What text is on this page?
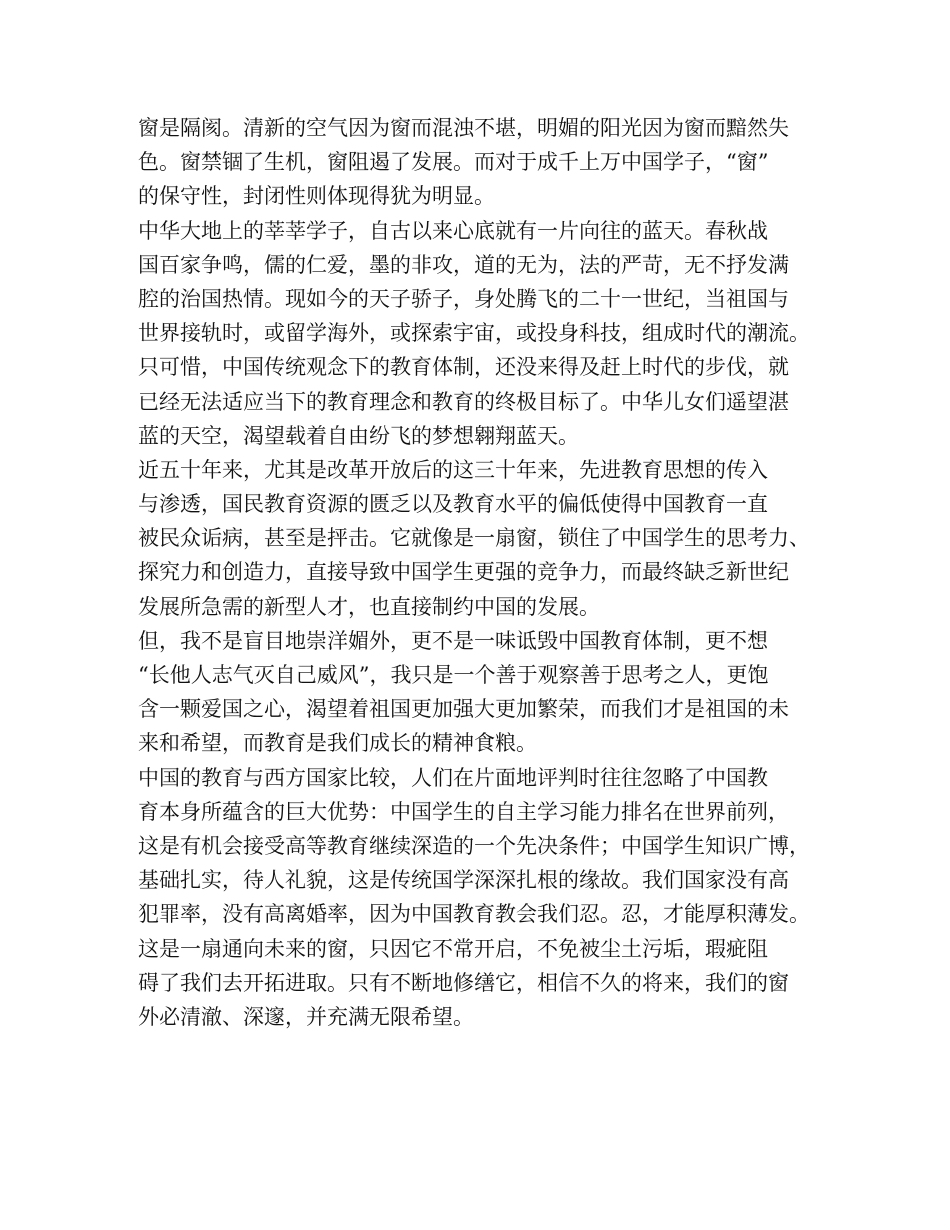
窗是隔阂。清新的空气因为窗而混浊不堪，明媚的阳光因为窗而黯然失
色。窗禁锢了生机，窗阻遏了发展。而对于成千上万中国学子，“窗”
的保守性，封闭性则体现得犹为明显。
中华大地上的莘莘学子，自古以来心底就有一片向往的蓝天。春秋战
国百家争鸣，儒的仁爱，墨的非攻，道的无为，法的严苛，无不抒发满
腔的治国热情。现如今的天子骄子，身处腾飞的二十一世纪，当祖国与
世界接轨时，或留学海外，或探索宇宙，或投身科技，组成时代的潮流。
只可惜，中国传统观念下的教育体制，还没来得及赶上时代的步伐，就
已经无法适应当下的教育理念和教育的终极目标了。中华儿女们遥望湛
蓝的天空，渴望载着自由纷飞的梦想翱翔蓝天。
近五十年来，尤其是改革开放后的这三十年来，先进教育思想的传入
与渗透，国民教育资源的匮乏以及教育水平的偏低使得中国教育一直
被民众诟病，甚至是抨击。它就像是一扇窗，锁住了中国学生的思考力、
探究力和创造力，直接导致中国学生更强的竞争力，而最终缺乏新世纪
发展所急需的新型人才，也直接制约中国的发展。
但，我不是盲目地崇洋媚外，更不是一味诋毁中国教育体制，更不想
“长他人志气灭自己威风”，我只是一个善于观察善于思考之人，更饱
含一颗爱国之心，渴望着祖国更加强大更加繁荣，而我们才是祖国的未
来和希望，而教育是我们成长的精神食粮。
中国的教育与西方国家比较，人们在片面地评判时往往忽略了中国教
育本身所蕴含的巨大优势：中国学生的自主学习能力排名在世界前列，
这是有机会接受高等教育继续深造的一个先决条件；中国学生知识广博，
基础扎实，待人礼貌，这是传统国学深深扎根的缘故。我们国家没有高
犯罪率，没有高离婚率，因为中国教育教会我们忍。忍，才能厚积薄发。
这是一扇通向未来的窗，只因它不常开启，不免被尘土污垢，瑕疵阻
碍了我们去开拓进取。只有不断地修缮它，相信不久的将来，我们的窗
外必清澈、深邃，并充满无限希望。
